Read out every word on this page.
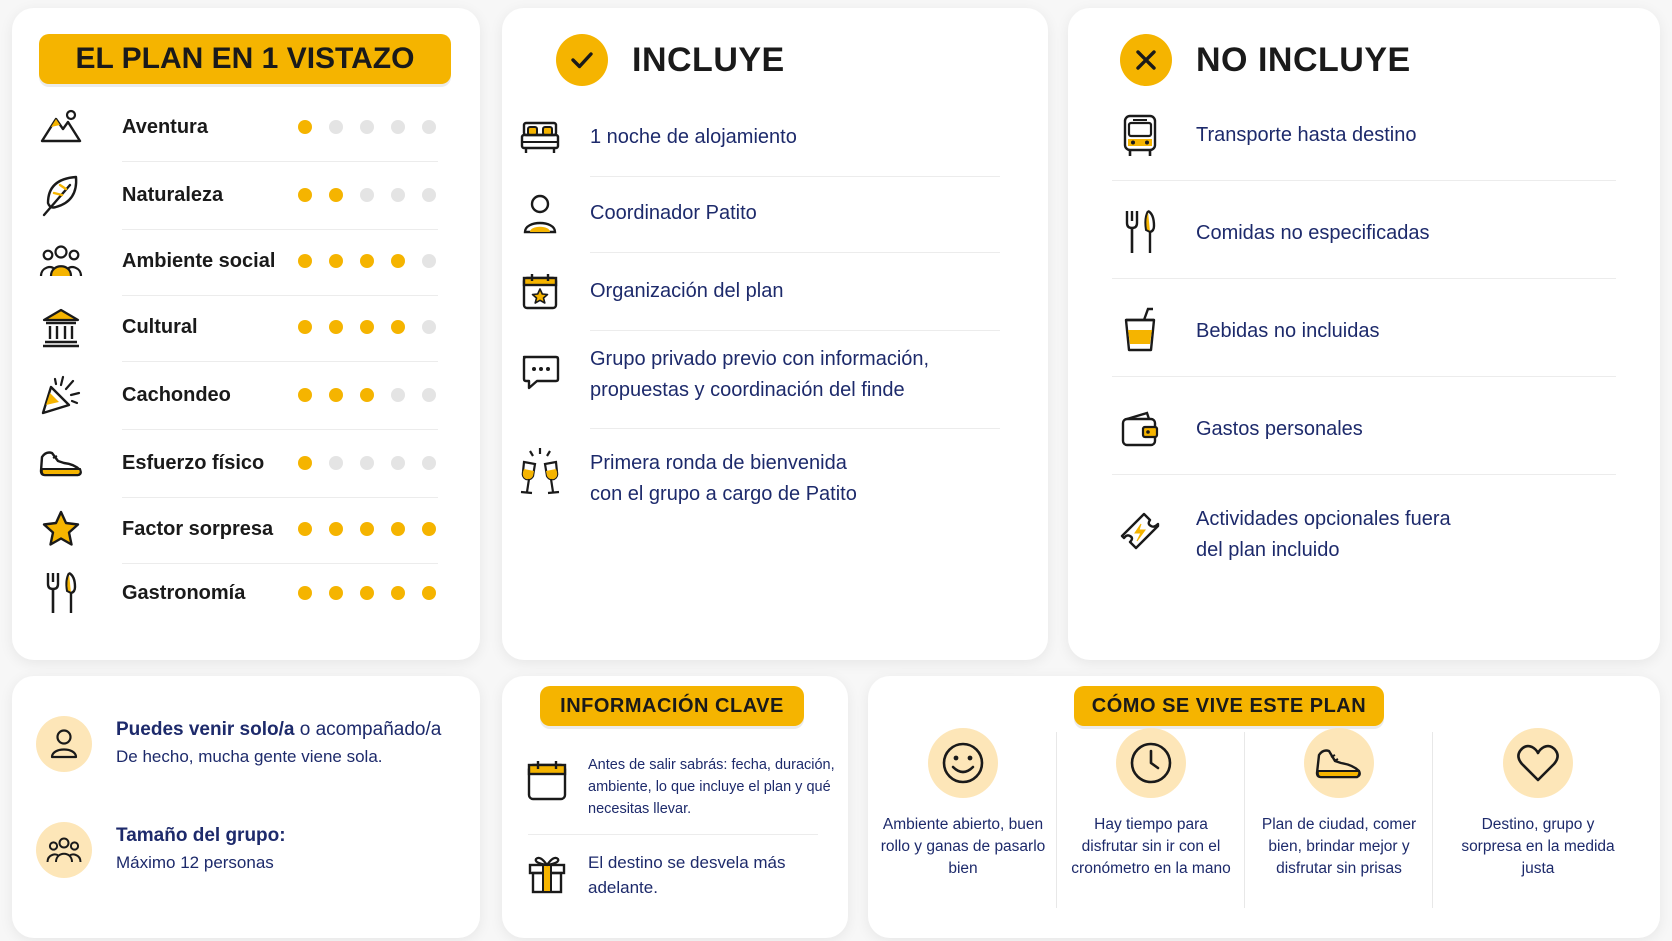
EL PLAN EN 1 VISTAZO
Aventura
Naturaleza
Ambiente social
Cultural
Cachondeo
Esfuerzo físico
Factor sorpresa
Gastronomía
INCLUYE
1 noche de alojamiento
Coordinador Patito
Organización del plan
Grupo privado previo con información, propuestas y coordinación del finde
Primera ronda de bienvenida con el grupo a cargo de Patito
NO INCLUYE
Transporte hasta destino
Comidas no especificadas
Bebidas no incluidas
Gastos personales
Actividades opcionales fuera del plan incluido
Puedes venir solo/a o acompañado/a
De hecho, mucha gente viene sola.
Tamaño del grupo:
Máximo 12 personas
INFORMACIÓN CLAVE
Antes de salir sabrás: fecha, duración, ambiente, lo que incluye el plan y qué necesitas llevar.
El destino se desvela más adelante.
CÓMO SE VIVE ESTE PLAN
Ambiente abierto, buen rollo y ganas de pasarlo bien
Hay tiempo para disfrutar sin ir con el cronómetro en la mano
Plan de ciudad, comer bien, brindar mejor y disfrutar sin prisas
Destino, grupo y sorpresa en la medida justa
